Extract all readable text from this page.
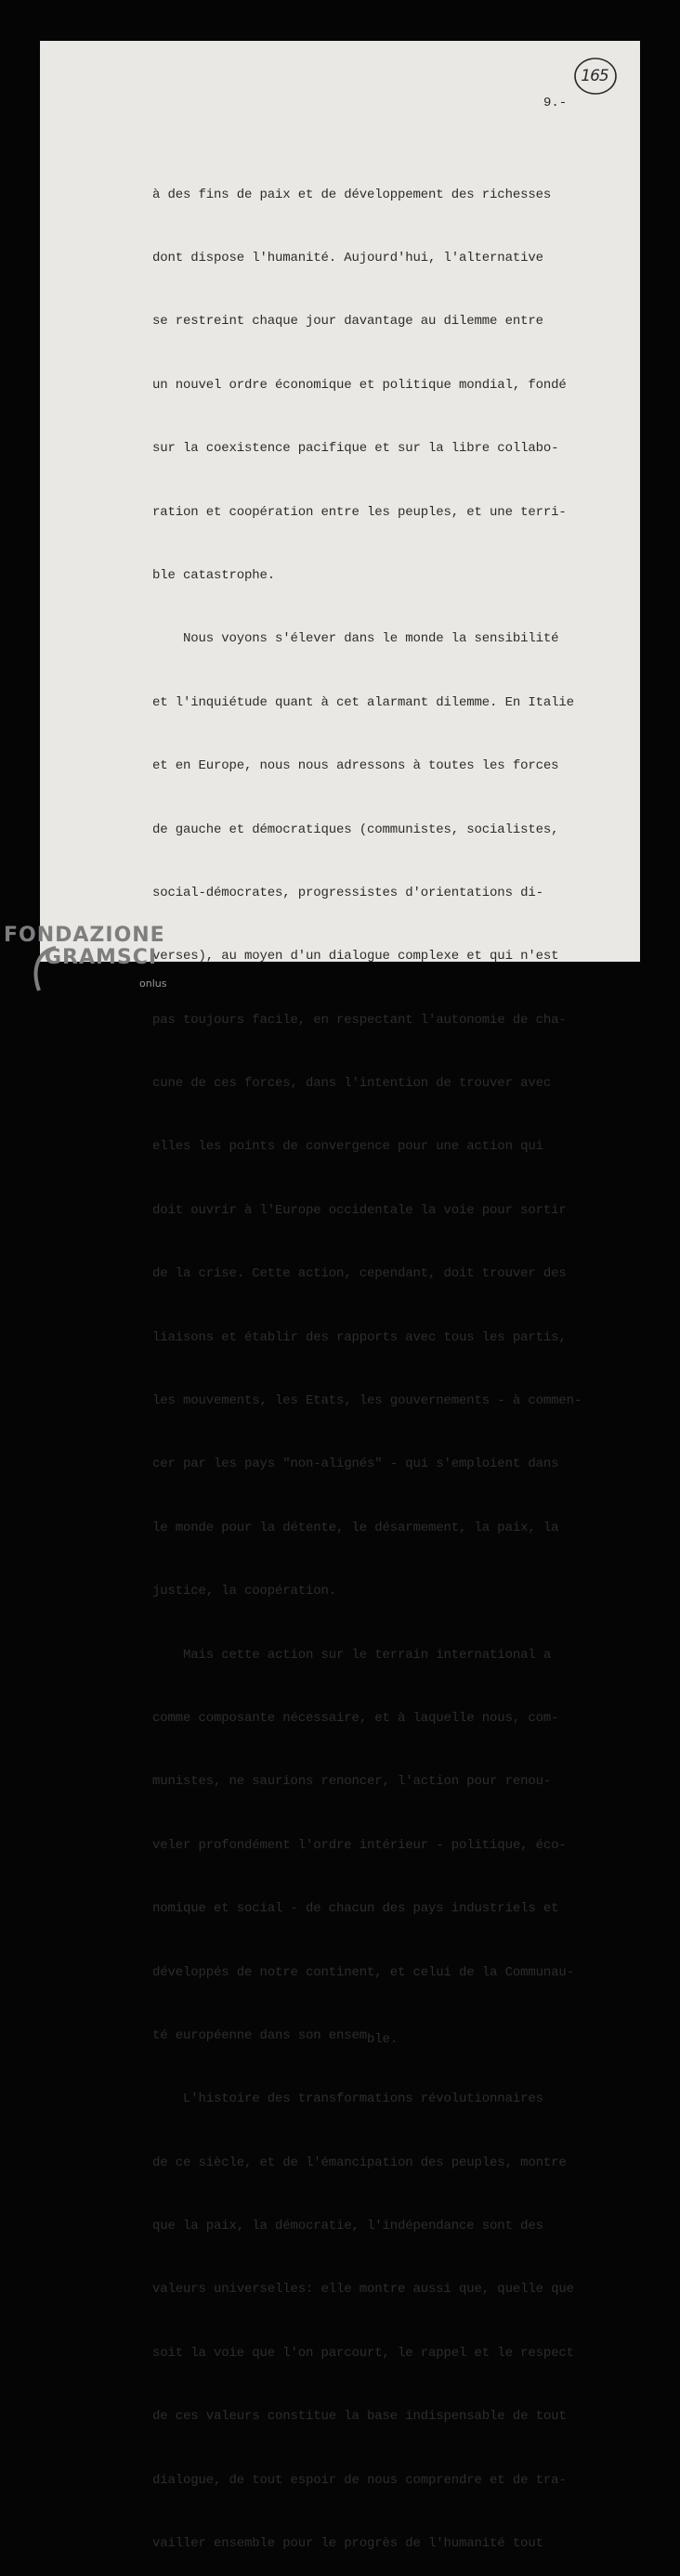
165
9.-

à des fins de paix et de développement des richesses

dont dispose l'humanité. Aujourd'hui, l'alternative

se restreint chaque jour davantage au dilemme entre

un nouvel ordre économique et politique mondial, fondé

sur la coexistence pacifique et sur la libre collabo-

ration et coopération entre les peuples, et une terri-

ble catastrophe.

Nous voyons s'élever dans le monde la sensibilité

et l'inquiétude quant à cet alarmant dilemme. En Italie

et en Europe, nous nous adressons à toutes les forces

de gauche et démocratiques (communistes, socialistes,

social-démocrates, progressistes d'orientations di-

verses), au moyen d'un dialogue complexe et qui n'est

pas toujours facile, en respectant l'autonomie de cha-

cune de ces forces, dans l'intention de trouver avec

elles les points de convergence pour une action qui

doit ouvrir à l'Europe occidentale la voie pour sortir

de la crise. Cette action, cependant, doit trouver des

liaisons et établir des rapports avec tous les partis,

les mouvements, les Etats, les gouvernements - à commen-

cer par les pays "non-alignés" - qui s'emploient dans

le monde pour la détente, le désarmement, la paix, la

justice, la coopération.

Mais cette action sur le terrain international a

comme composante nécessaire, et à laquelle nous, com-

munistes, ne saurions renoncer, l'action pour renou-

veler profondément l'ordre intérieur - politique, éco-

nomique et social - de chacun des pays industriels et

développés de notre continent, et celui de la Communau-

té européenne dans son ensemble.

L'histoire des transformations révolutionnaires

de ce siècle, et de l'émancipation des peuples, montre

que la paix, la démocratie, l'indépendance sont des

valeurs universelles: elle montre aussi que, quelle que

soit la voie que l'on parcourt, le rappel et le respect

de ces valeurs constitue la base indispensable de tout

dialogue, de tout espoir de nous comprendre et de tra-

vailler ensemble pour le progrès de l'humanité tout

FONDAZIONE
GRAMSCI
onlus
